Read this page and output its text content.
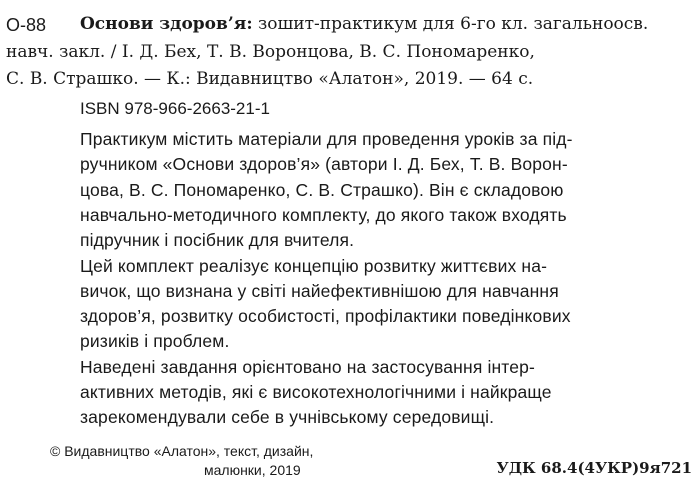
О-88 Основи здоров’я: зошит-практикум для 6-го кл. загальноосв.
навч. закл. / І. Д. Бех, Т. В. Воронцова, В. С. Пономаренко,
С. В. Страшко. — К.: Видавництво «Алатон», 2019. — 64 с.
ISBN 978-966-2663-21-1
Практикум містить матеріали для проведення уроків за під-
ручником «Основи здоров’я» (автори І. Д. Бех, Т. В. Ворон-
цова, В. С. Пономаренко, С. В. Страшко). Він є складовою
навчально-методичного комплекту, до якого також входять
підручник і посібник для вчителя.
Цей комплект реалізує концепцію розвитку життєвих на-
вичок, що визнана у світі найефективнішою для навчання
здоров’я, розвитку особистості, профілактики поведінкових
ризиків і проблем.
Наведені завдання орієнтовано на застосування інтер-
активних методів, які є високотехнологічними і найкраще
зарекомендували себе в учнівському середовищі.
© Видавництво «Алатон», текст, дизайн,
малюнки, 2019	УДК 68.4(4УКР)9я721
